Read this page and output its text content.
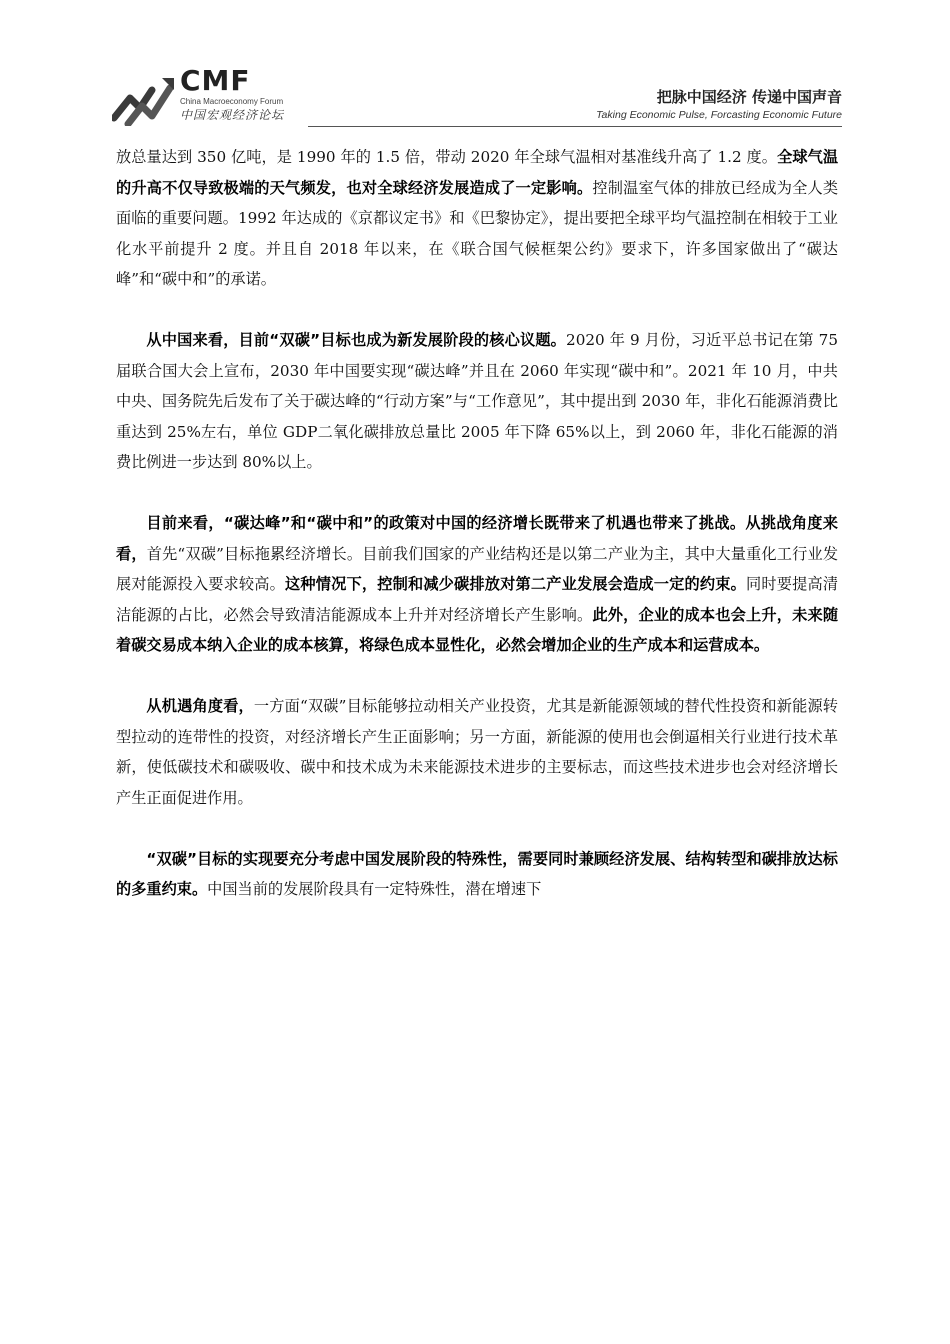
CMF
China Macroeconomy Forum
中国宏观经济论坛
把脉中国经济 传递中国声音
Taking Economic Pulse, Forcasting Economic Future

放总量达到 350 亿吨，是 1990 年的 1.5 倍，带动 2020 年全球气温相对基准线升高了 1.2 度。全球气温的升高不仅导致极端的天气频发，也对全球经济发展造成了一定影响。控制温室气体的排放已经成为全人类面临的重要问题。1992 年达成的《京都议定书》和《巴黎协定》，提出要把全球平均气温控制在相较于工业化水平前提升 2 度。并且自 2018 年以来，在《联合国气候框架公约》要求下，许多国家做出了“碳达峰”和“碳中和”的承诺。

从中国来看，目前“双碳”目标也成为新发展阶段的核心议题。2020 年 9 月份，习近平总书记在第 75 届联合国大会上宣布，2030 年中国要实现“碳达峰”并且在 2060 年实现“碳中和”。2021 年 10 月，中共中央、国务院先后发布了关于碳达峰的“行动方案”与“工作意见”，其中提出到 2030 年，非化石能源消费比重达到 25%左右，单位 GDP二氧化碳排放总量比 2005 年下降 65%以上，到 2060 年，非化石能源的消费比例进一步达到 80%以上。

目前来看，“碳达峰”和“碳中和”的政策对中国的经济增长既带来了机遇也带来了挑战。从挑战角度来看，首先“双碳”目标拖累经济增长。目前我们国家的产业结构还是以第二产业为主，其中大量重化工行业发展对能源投入要求较高。这种情况下，控制和减少碳排放对第二产业发展会造成一定的约束。同时要提高清洁能源的占比，必然会导致清洁能源成本上升并对经济增长产生影响。此外，企业的成本也会上升，未来随着碳交易成本纳入企业的成本核算，将绿色成本显性化，必然会增加企业的生产成本和运营成本。

从机遇角度看，一方面“双碳”目标能够拉动相关产业投资，尤其是新能源领域的替代性投资和新能源转型拉动的连带性的投资，对经济增长产生正面影响；另一方面，新能源的使用也会倒逼相关行业进行技术革新，使低碳技术和碳吸收、碳中和技术成为未来能源技术进步的主要标志，而这些技术进步也会对经济增长产生正面促进作用。

“双碳”目标的实现要充分考虑中国发展阶段的特殊性，需要同时兼顾经济发展、结构转型和碳排放达标的多重约束。中国当前的发展阶段具有一定特殊性，潜在增速下
